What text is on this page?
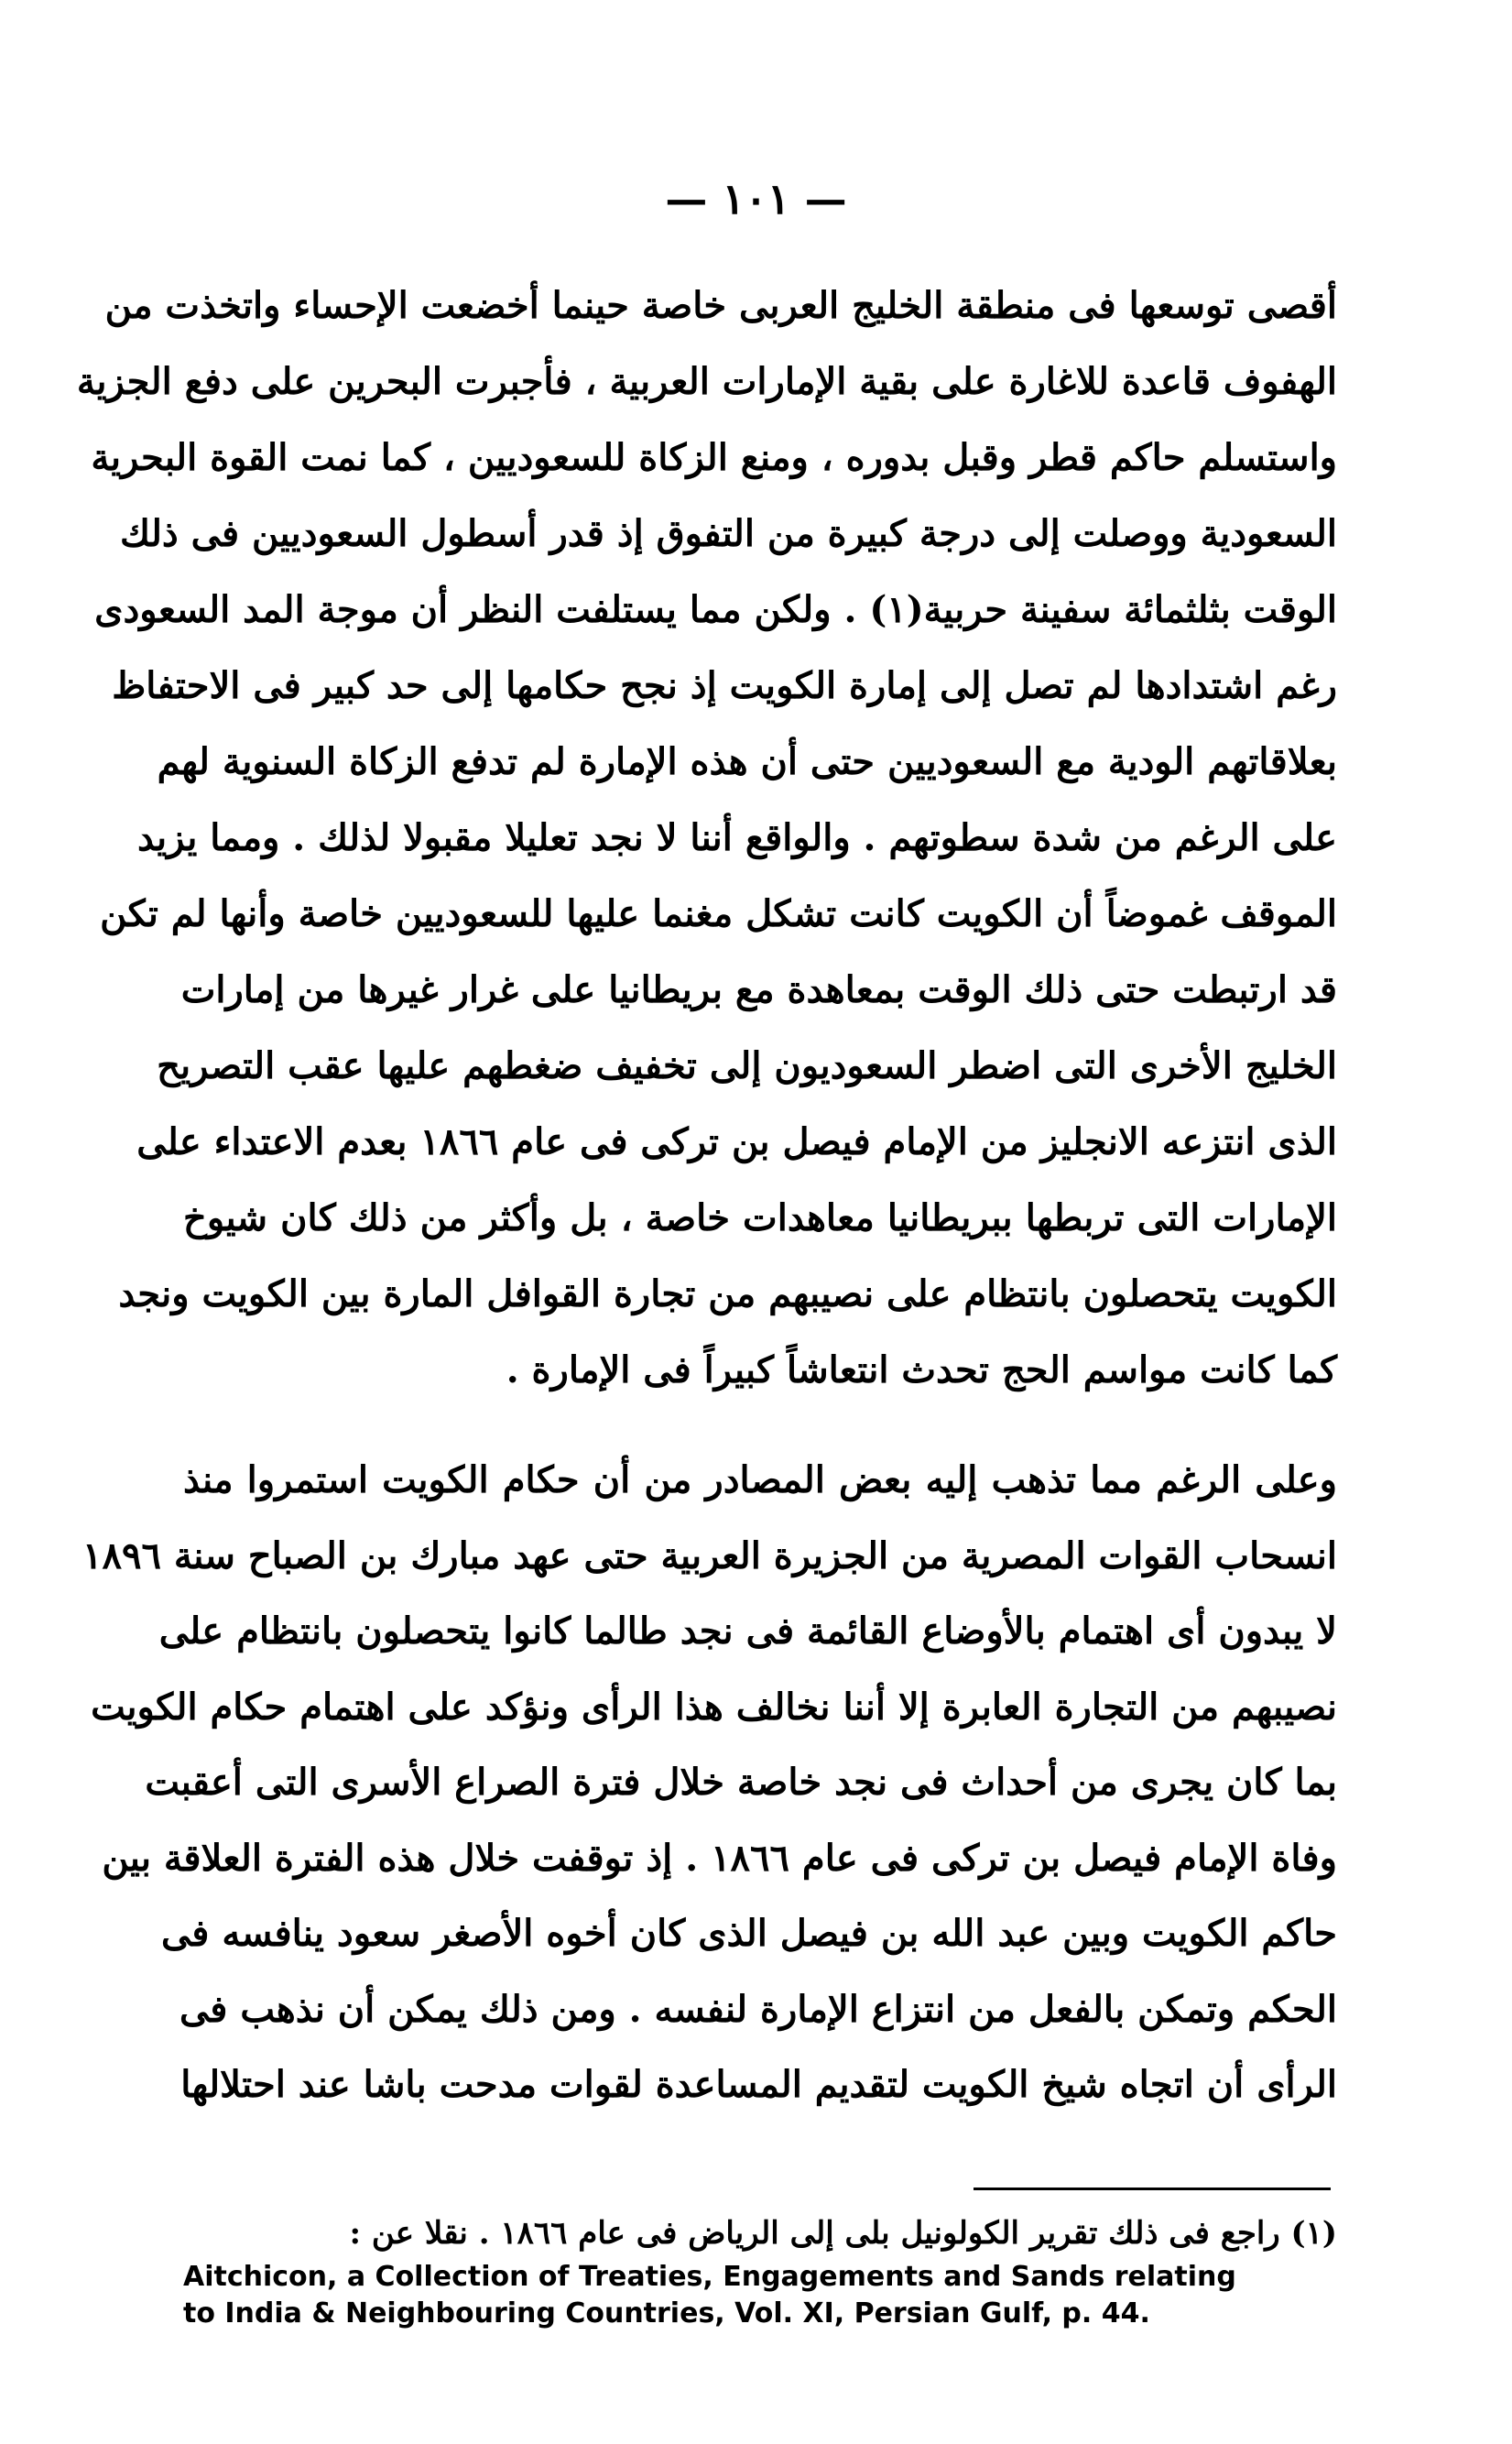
— ١٠١ —
أقصى توسعها فى منطقة الخليج العربى خاصة حينما أخضعت الإحساء واتخذت من
الهفوف قاعدة للاغارة على بقية الإمارات العربية ، فأجبرت البحرين على دفع الجزية
واستسلم حاكم قطر وقبل بدوره ، ومنع الزكاة للسعوديين ، كما نمت القوة البحرية
السعودية ووصلت إلى درجة كبيرة من التفوق إذ قدر أسطول السعوديين فى ذلك
الوقت بثلثمائة سفينة حربية(١) . ولكن مما يستلفت النظر أن موجة المد السعودى
رغم اشتدادها لم تصل إلى إمارة الكويت إذ نجح حكامها إلى حد كبير فى الاحتفاظ
بعلاقاتهم الودية مع السعوديين حتى أن هذه الإمارة لم تدفع الزكاة السنوية لهم
على الرغم من شدة سطوتهم . والواقع أننا لا نجد تعليلا مقبولا لذلك . ومما يزيد
الموقف غموضاً أن الكويت كانت تشكل مغنما عليها للسعوديين خاصة وأنها لم تكن
قد ارتبطت حتى ذلك الوقت بمعاهدة مع بريطانيا على غرار غيرها من إمارات
الخليج الأخرى التى اضطر السعوديون إلى تخفيف ضغطهم عليها عقب التصريح
الذى انتزعه الانجليز من الإمام فيصل بن تركى فى عام ١٨٦٦ بعدم الاعتداء على
الإمارات التى تربطها ببريطانيا معاهدات خاصة ، بل وأكثر من ذلك كان شيوخ
الكويت يتحصلون بانتظام على نصيبهم من تجارة القوافل المارة بين الكويت ونجد
كما كانت مواسم الحج تحدث انتعاشاً كبيراً فى الإمارة .
وعلى الرغم مما تذهب إليه بعض المصادر من أن حكام الكويت استمروا منذ
انسحاب القوات المصرية من الجزيرة العربية حتى عهد مبارك بن الصباح سنة ١٨٩٦
لا يبدون أى اهتمام بالأوضاع القائمة فى نجد طالما كانوا يتحصلون بانتظام على
نصيبهم من التجارة العابرة إلا أننا نخالف هذا الرأى ونؤكد على اهتمام حكام الكويت
بما كان يجرى من أحداث فى نجد خاصة خلال فترة الصراع الأسرى التى أعقبت
وفاة الإمام فيصل بن تركى فى عام ١٨٦٦ . إذ توقفت خلال هذه الفترة العلاقة بين
حاكم الكويت وبين عبد الله بن فيصل الذى كان أخوه الأصغر سعود ينافسه فى
الحكم وتمكن بالفعل من انتزاع الإمارة لنفسه . ومن ذلك يمكن أن نذهب فى
الرأى أن اتجاه شيخ الكويت لتقديم المساعدة لقوات مدحت باشا عند احتلالها
(١) راجع فى ذلك تقرير الكولونيل بلى إلى الرياض فى عام ١٨٦٦ . نقلا عن :
Aitchicon, a Collection of Treaties, Engagements and Sands relating
to India & Neighbouring Countries, Vol. XI, Persian Gulf, p. 44.
